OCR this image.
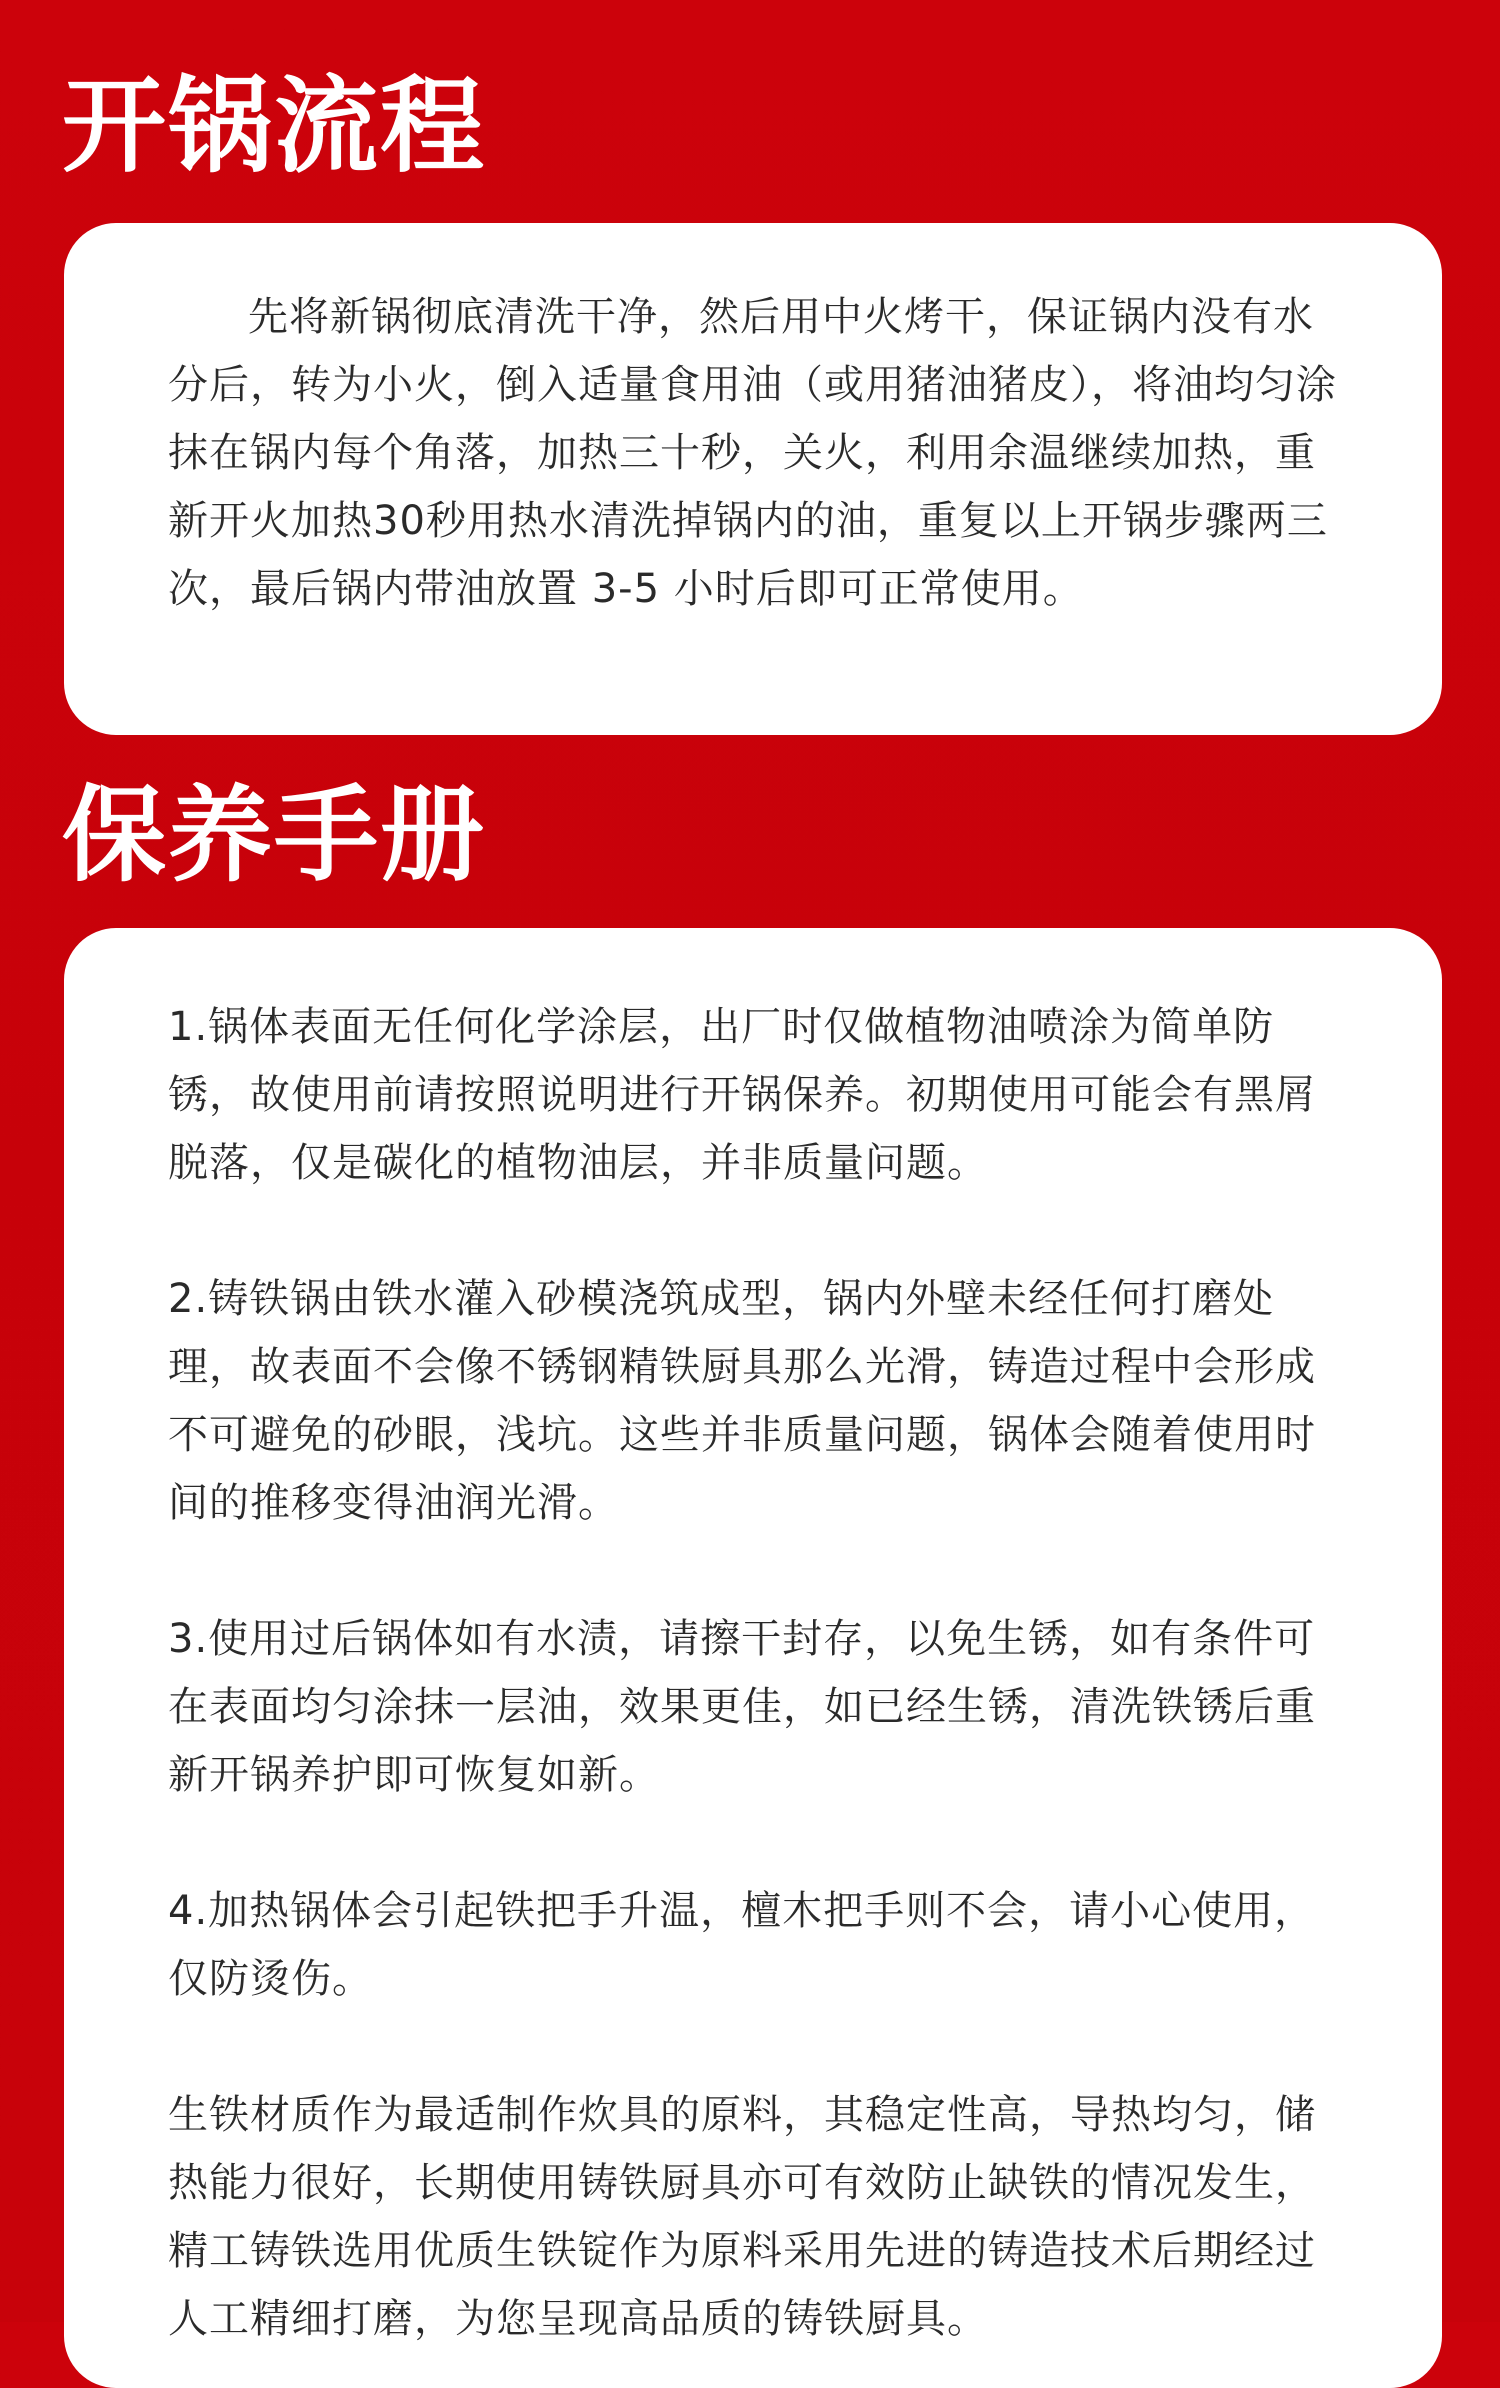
开锅流程

先将新锅彻底清洗干净，然后用中火烤干，保证锅内没有水分后，转为小火，倒入适量食用油（或用猪油猪皮），将油均匀涂抹在锅内每个角落，加热三十秒，关火，利用余温继续加热，重新开火加热30秒用热水清洗掉锅内的油，重复以上开锅步骤两三次，最后锅内带油放置 3-5 小时后即可正常使用。

保养手册

1.锅体表面无任何化学涂层，出厂时仅做植物油喷涂为简单防锈，故使用前请按照说明进行开锅保养。初期使用可能会有黑屑脱落，仅是碳化的植物油层，并非质量问题。

2.铸铁锅由铁水灌入砂模浇筑成型，锅内外壁未经任何打磨处理，故表面不会像不锈钢精铁厨具那么光滑，铸造过程中会形成不可避免的砂眼，浅坑。这些并非质量问题，锅体会随着使用时间的推移变得油润光滑。

3.使用过后锅体如有水渍，请擦干封存，以免生锈，如有条件可在表面均匀涂抹一层油，效果更佳，如已经生锈，清洗铁锈后重新开锅养护即可恢复如新。

4.加热锅体会引起铁把手升温，檀木把手则不会，请小心使用，仅防烫伤。

生铁材质作为最适制作炊具的原料，其稳定性高，导热均匀，储热能力很好，长期使用铸铁厨具亦可有效防止缺铁的情况发生，精工铸铁选用优质生铁锭作为原料采用先进的铸造技术后期经过人工精细打磨，为您呈现高品质的铸铁厨具。
